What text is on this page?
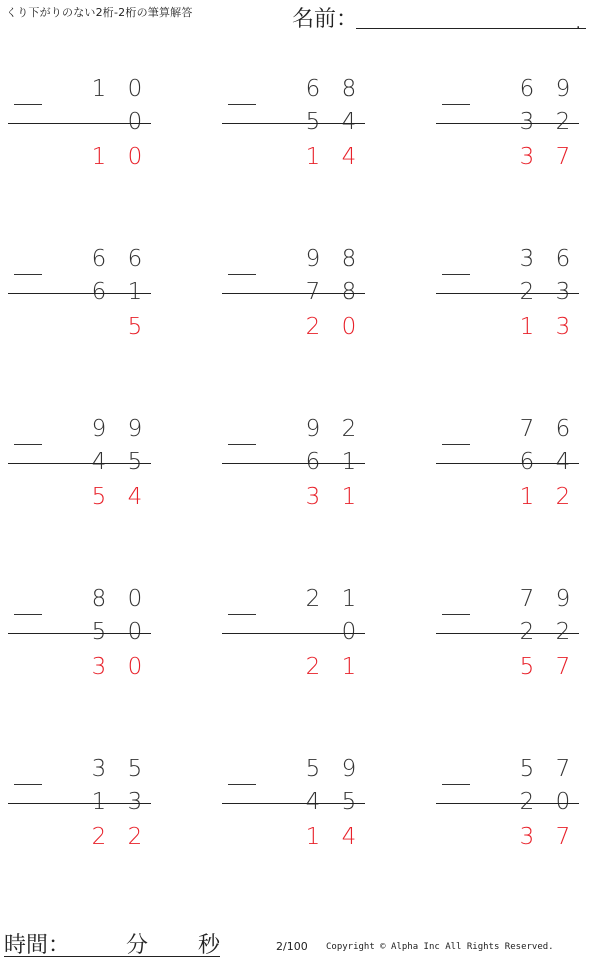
くり下がりのない2桁-2桁の筆算解答	名前：	.
1 0
0
1 0
6 8
5 4
1 4
6 9
3 2
3 7
6 6
6 1
5
9 8
7 8
2 0
3 6
2 3
1 3
9 9
4 5
5 4
9 2
6 1
3 1
7 6
6 4
1 2
8 0
5 0
3 0
2 1
0
2 1
7 9
2 2
5 7
3 5
1 3
2 2
5 9
4 5
1 4
5 7
2 0
3 7
時間：	分 秒	2/100 Copyright © Alpha Inc All Rights Reserved.
